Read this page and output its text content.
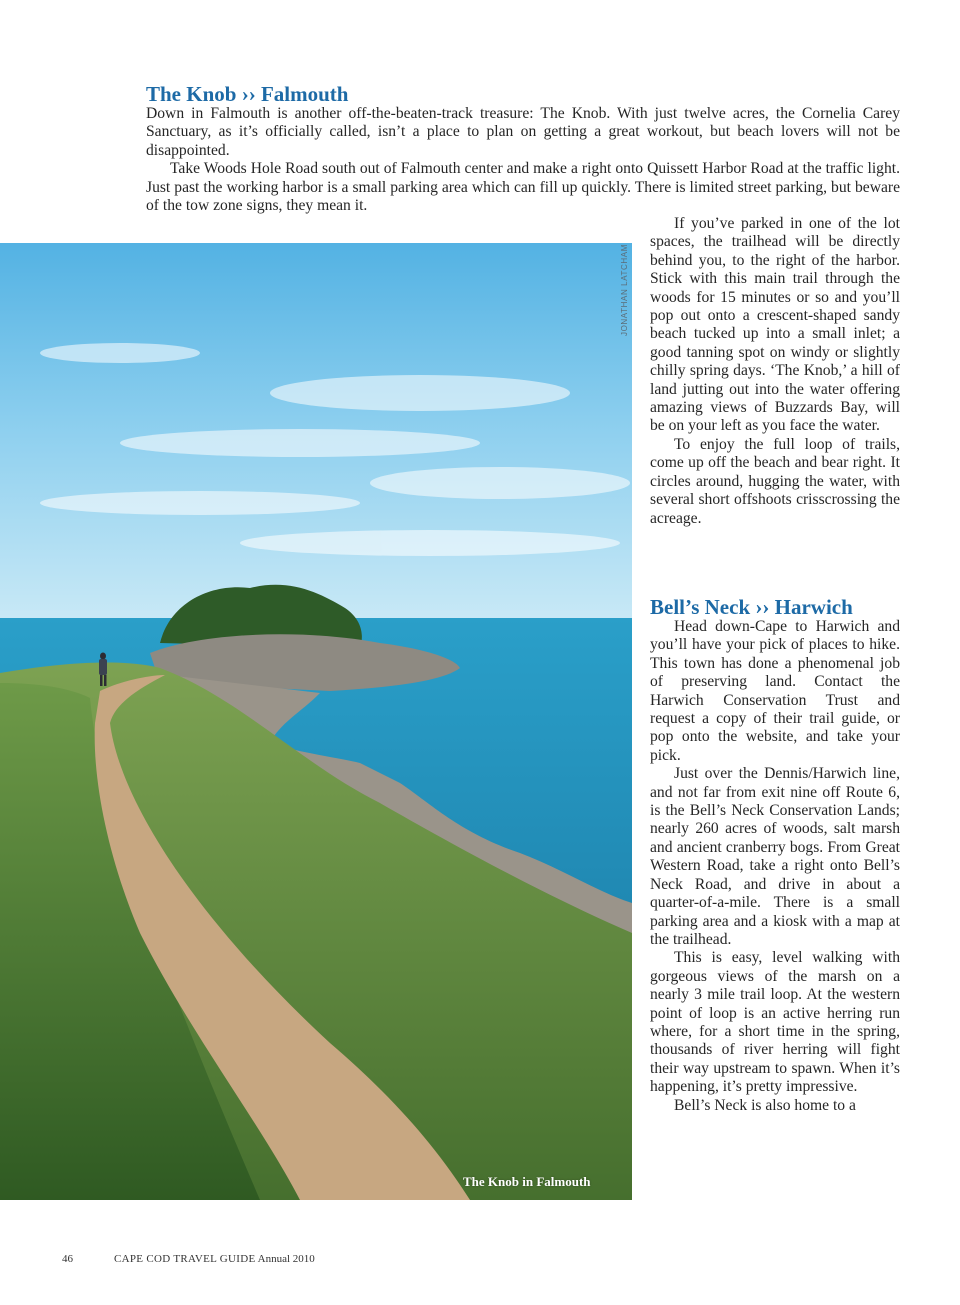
The Knob ›› Falmouth

Down in Falmouth is another off-the-beaten-track treasure: The Knob. With just twelve acres, the Cornelia Carey Sanctuary, as it’s officially called, isn’t a place to plan on getting a great workout, but beach lovers will not be disappointed.

Take Woods Hole Road south out of Falmouth center and make a right onto Quissett Harbor Road at the traffic light. Just past the working harbor is a small parking area which can fill up quickly. There is limited street parking, but beware of the tow zone signs, they mean it.

JONATHAN LATCHAM
The Knob in Falmouth

If you’ve parked in one of the lot spaces, the trailhead will be directly behind you, to the right of the harbor. Stick with this main trail through the woods for 15 minutes or so and you’ll pop out onto a crescent-shaped sandy beach tucked up into a small inlet; a good tanning spot on windy or slightly chilly spring days. ‘The Knob,’ a hill of land jutting out into the water offering amazing views of Buzzards Bay, will be on your left as you face the water.

To enjoy the full loop of trails, come up off the beach and bear right. It circles around, hugging the water, with several short offshoots crisscrossing the acreage.

Bell’s Neck ›› Harwich

Head down-Cape to Harwich and you’ll have your pick of places to hike. This town has done a phenomenal job of preserving land. Contact the Harwich Conservation Trust and request a copy of their trail guide, or pop onto the website, and take your pick.

Just over the Dennis/Harwich line, and not far from exit nine off Route 6, is the Bell’s Neck Conservation Lands; nearly 260 acres of woods, salt marsh and ancient cranberry bogs. From Great Western Road, take a right onto Bell’s Neck Road, and drive in about a quarter-of-a-mile. There is a small parking area and a kiosk with a map at the trailhead.

This is easy, level walking with gorgeous views of the marsh on a nearly 3 mile trail loop. At the western point of loop is an active herring run where, for a short time in the spring, thousands of river herring will fight their way upstream to spawn. When it’s happening, it’s pretty impressive.

Bell’s Neck is also home to a

46	CAPE COD TRAVEL GUIDE Annual 2010
